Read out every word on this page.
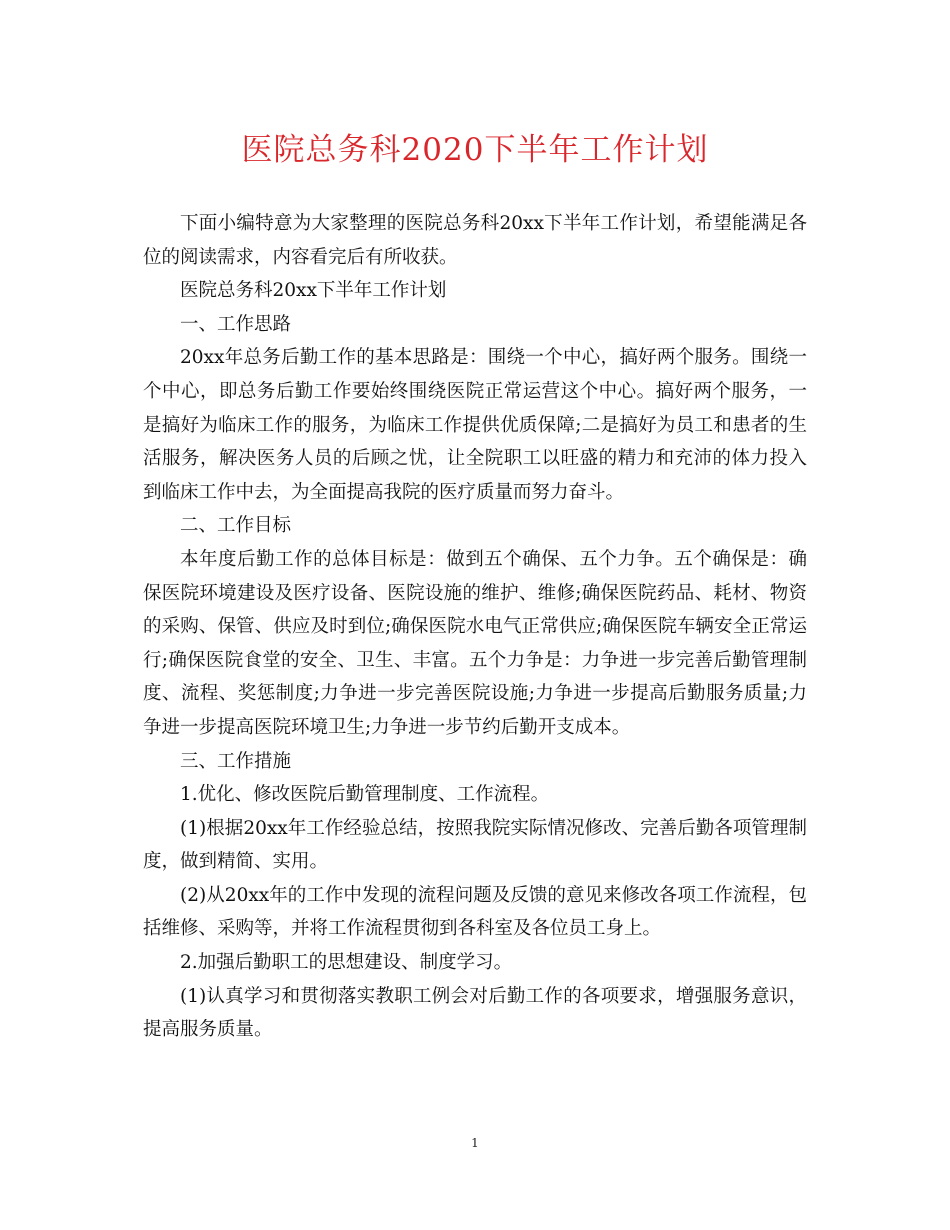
医院总务科2020下半年工作计划

下面小编特意为大家整理的医院总务科20xx下半年工作计划，希望能满足各位的阅读需求，内容看完后有所收获。

医院总务科20xx下半年工作计划

一、工作思路

20xx年总务后勤工作的基本思路是：围绕一个中心，搞好两个服务。围绕一个中心，即总务后勤工作要始终围绕医院正常运营这个中心。搞好两个服务，一是搞好为临床工作的服务，为临床工作提供优质保障;二是搞好为员工和患者的生活服务，解决医务人员的后顾之忧，让全院职工以旺盛的精力和充沛的体力投入到临床工作中去，为全面提高我院的医疗质量而努力奋斗。

二、工作目标

本年度后勤工作的总体目标是：做到五个确保、五个力争。五个确保是：确保医院环境建设及医疗设备、医院设施的维护、维修;确保医院药品、耗材、物资的采购、保管、供应及时到位;确保医院水电气正常供应;确保医院车辆安全正常运行;确保医院食堂的安全、卫生、丰富。五个力争是：力争进一步完善后勤管理制度、流程、奖惩制度;力争进一步完善医院设施;力争进一步提高后勤服务质量;力争进一步提高医院环境卫生;力争进一步节约后勤开支成本。

三、工作措施

1.优化、修改医院后勤管理制度、工作流程。

(1)根据20xx年工作经验总结，按照我院实际情况修改、完善后勤各项管理制度，做到精简、实用。

(2)从20xx年的工作中发现的流程问题及反馈的意见来修改各项工作流程，包括维修、采购等，并将工作流程贯彻到各科室及各位员工身上。

2.加强后勤职工的思想建设、制度学习。

(1)认真学习和贯彻落实教职工例会对后勤工作的各项要求，增强服务意识，提高服务质量。

1
